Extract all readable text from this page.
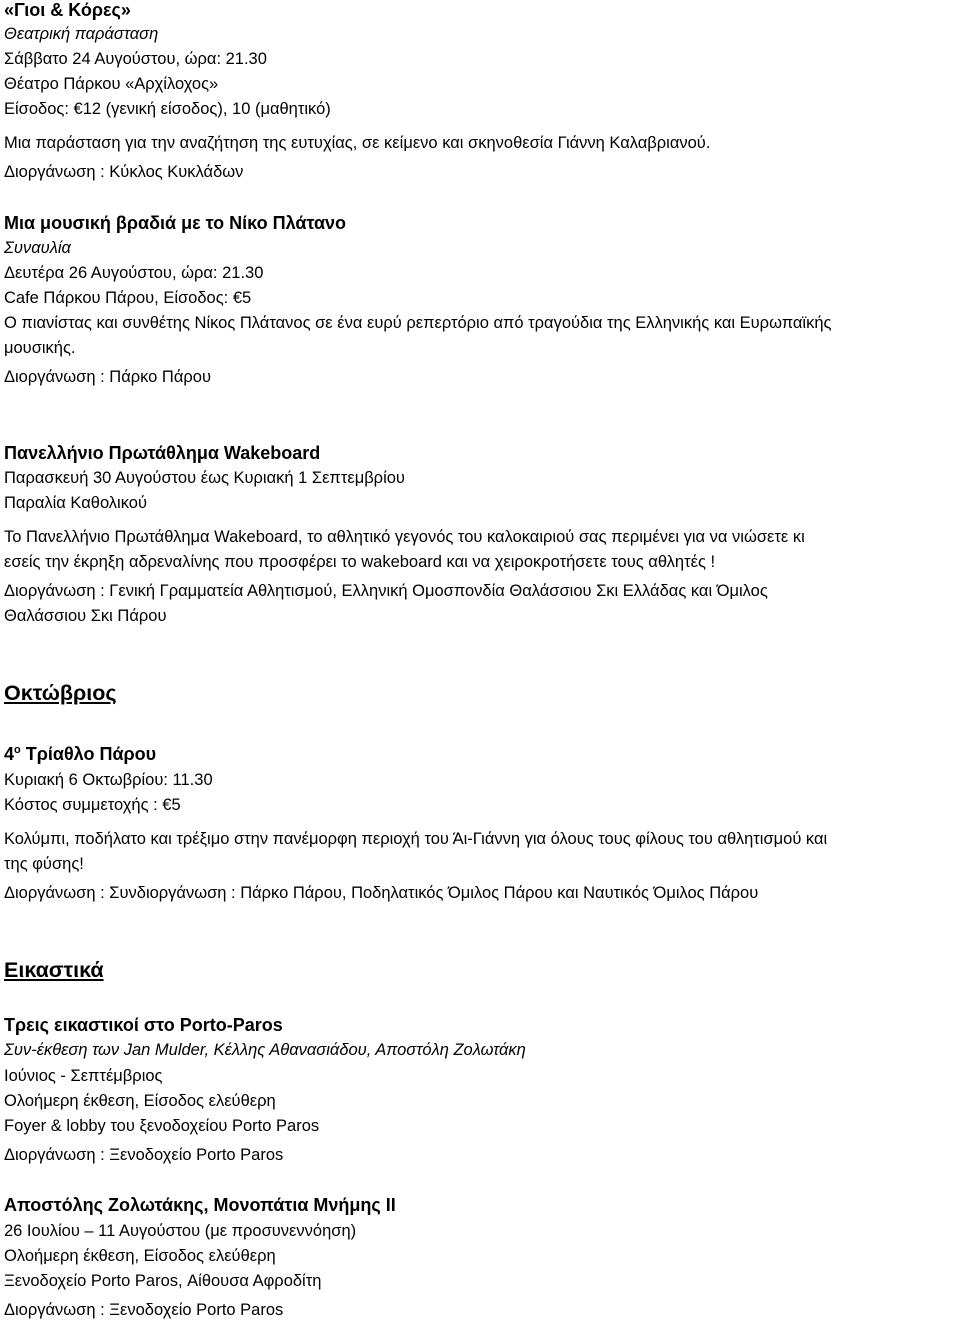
«Γιοι & Κόρες»

Θεατρική παράσταση

Σάββατο 24 Αυγούστου, ώρα: 21.30

Θέατρο Πάρκου «Αρχίλοχος»

Είσοδος: €12 (γενική είσοδος), 10 (μαθητικό)

Μια παράσταση για την αναζήτηση της ευτυχίας, σε κείμενο και σκηνοθεσία Γιάννη Καλαβριανού.

Διοργάνωση : Κύκλος Κυκλάδων

Μια μουσική βραδιά με το Νίκο Πλάτανο

Συναυλία

Δευτέρα 26 Αυγούστου, ώρα: 21.30

Cafe Πάρκου Πάρου, Είσοδος: €5

Ο πιανίστας και συνθέτης Νίκος Πλάτανος σε ένα ευρύ ρεπερτόριο από τραγούδια της Ελληνικής και Ευρωπαϊκής

μουσικής.

Διοργάνωση : Πάρκο Πάρου

Πανελλήνιο Πρωτάθλημα Wakeboard

Παρασκευή 30 Αυγούστου έως Κυριακή 1 Σεπτεμβρίου

Παραλία Καθολικού

Το Πανελλήνιο Πρωτάθλημα Wakeboard, το αθλητικό γεγονός του καλοκαιριού σας περιμένει για να νιώσετε κι

εσείς την έκρηξη αδρεναλίνης που προσφέρει το wakeboard και να χειροκροτήσετε τους αθλητές !

Διοργάνωση : Γενική Γραμματεία Αθλητισμού, Ελληνική Ομοσπονδία Θαλάσσιου Σκι Ελλάδας και Όμιλος

Θαλάσσιου Σκι Πάρου

Οκτώβριος

$4^o$ Τρίαθλο Πάρου

Κυριακή 6 Οκτωβρίου: 11.30

Κόστος συμμετοχής : €5

Κολύμπι, ποδήλατο και τρέξιμο στην πανέμορφη περιοχή του Άι-Γιάννη για όλους τους φίλους του αθλητισμού και

της φύσης!

Διοργάνωση : Συνδιοργάνωση : Πάρκο Πάρου, Ποδηλατικός Όμιλος Πάρου και Ναυτικός Όμιλος Πάρου

Εικαστικά

Τρεις εικαστικοί στο Porto-Paros

Συν-έκθεση των Jan Mulder, Κέλλης Αθανασιάδου, Αποστόλη Ζολωτάκη

Ιούνιος - Σεπτέμβριος

Ολοήμερη έκθεση, Είσοδος ελεύθερη

Foyer & lobby του ξενοδοχείου Porto Paros

Διοργάνωση : Ξενοδοχείο Porto Paros

Αποστόλης Ζολωτάκης, Μονοπάτια Μνήμης ΙΙ

26 Ιουλίου – 11 Αυγούστου (με προσυνεννόηση)

Ολοήμερη έκθεση, Είσοδος ελεύθερη

Ξενοδοχείο Porto Paros, Αίθουσα Αφροδίτη

Διοργάνωση : Ξενοδοχείο Porto Paros
